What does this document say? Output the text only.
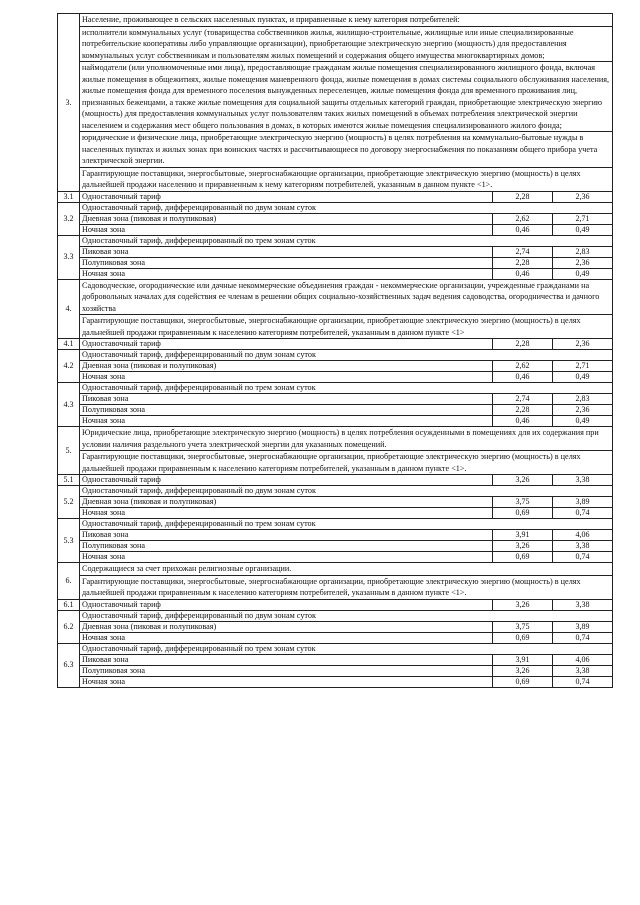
3.	Население, проживающее в сельских населенных пунктах, и приравненные к нему категория потребителей:		
	исполнители коммунальных услуг (товарищества собственников жилья, жилищно-строительные, жилищные или иные специализированные потребительские кооперативы либо управляющие организации), приобретающие электрическую энергию (мощность) для предоставления коммунальных услуг собственникам и пользователям жилых помещений и содержания общего имущества многоквартирных домов;		
	наймодатели (или уполномоченные ими лица), предоставляющие гражданам жилые помещения специализированного жилищного фонда, включая жилые помещения в общежитиях, жилые помещения маневренного фонда, жилые помещения в домах системы социального обслуживания населения, жилые помещения фонда для временного поселения вынужденных переселенцев, жилые помещения фонда для временного проживания лиц, признанных беженцами, а также жилые помещения для социальной защиты отдельных категорий граждан, приобретающие электрическую энергию (мощность) для предоставления коммунальных услуг пользователям таких жилых помещений в объемах потребления электрической энергии населением и содержания мест общего пользования в домах, в которых имеются жилые помещения специализированного жилого фонда;		
	юридические и физические лица, приобретающие электрическую энергию (мощность) в целях потребления на коммунально-бытовые нужды в населенных пунктах и жилых зонах при воинских частях и рассчитывающиеся по договору энергоснабжения по показаниям общего прибора учета электрической энергии.		
	Гарантирующие поставщики, энергосбытовые, энергоснабжающие организации, приобретающие электрическую энергию (мощность) в целях дальнейшей продажи населению и приравненным к нему категориям потребителей, указанным в данном пункте <1>.		
3.1	Одноставочный тариф	2,28	2,36
3.2	Одноставочный тариф, дифференцированный по двум зонам суток		
	Дневная зона (пиковая и полупиковая)	2,62	2,71
	Ночная зона	0,46	0,49
3.3	Одноставочный тариф, дифференцированный по трем зонам суток		
	Пиковая зона	2,74	2,83
	Полупиковая зона	2,28	2,36
	Ночная зона	0,46	0,49
4.	Садоводческие, огороднические или дачные некоммерческие объединения граждан - некоммерческие организации, учрежденные гражданами на добровольных началах для содействия ее членам в решении общих социально-хозяйственных задач ведения садоводства, огородничества и дачного хозяйства		
	Гарантирующие поставщики, энергосбытовые, энергоснабжающие организации, приобретающие электрическую энергию (мощность) в целях дальнейшей продажи приравненным к населению категориям потребителей, указанным в данном пункте <1>		
4.1	Одноставочный тариф	2,28	2,36
4.2	Одноставочный тариф, дифференцированный по двум зонам суток		
	Дневная зона (пиковая и полупиковая)	2,62	2,71
	Ночная зона	0,46	0,49
4.3	Одноставочный тариф, дифференцированный по трем зонам суток		
	Пиковая зона	2,74	2,83
	Полупиковая зона	2,28	2,36
	Ночная зона	0,46	0,49
5.	Юридические лица, приобретающие электрическую энергию (мощность) в целях потребления осужденными в помещениях для их содержания при условии наличия раздельного учета электрической энергии для указанных помещений.		
	Гарантирующие поставщики, энергосбытовые, энергоснабжающие организации, приобретающие электрическую энергию (мощность) в целях дальнейшей продажи приравненным к населению категориям потребителей, указанным в данном пункте <1>.		
5.1	Одноставочный тариф	3,26	3,38
5.2	Одноставочный тариф, дифференцированный по двум зонам суток		
	Дневная зона (пиковая и полупиковая)	3,75	3,89
	Ночная зона	0,69	0,74
5.3	Одноставочный тариф, дифференцированный по трем зонам суток		
	Пиковая зона	3,91	4,06
	Полупиковая зона	3,26	3,38
	Ночная зона	0,69	0,74
6.	Содержащиеся за счет прихожан религиозные организации.		
	Гарантирующие поставщики, энергосбытовые, энергоснабжающие организации, приобретающие электрическую энергию (мощность) в целях дальнейшей продажи приравненным к населению категориям потребителей, указанным в данном пункте <1>.		
6.1	Одноставочный тариф	3,26	3,38
6.2	Одноставочный тариф, дифференцированный по двум зонам суток		
	Дневная зона (пиковая и полупиковая)	3,75	3,89
	Ночная зона	0,69	0,74
6.3	Одноставочный тариф, дифференцированный по трем зонам суток		
	Пиковая зона	3,91	4,06
	Полупиковая зона	3,26	3,38
	Ночная зона	0,69	0,74
